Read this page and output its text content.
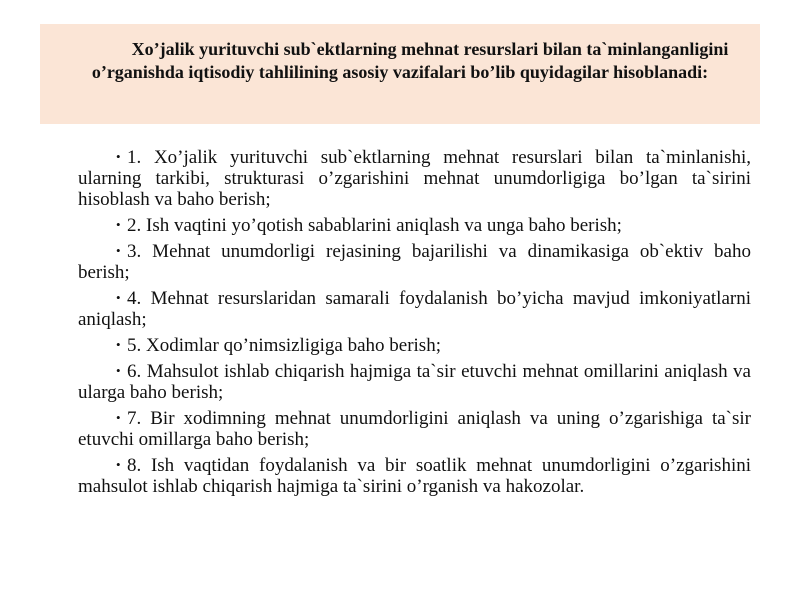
Xo’jalik yurituvchi sub`ektlarning mehnat resurslari bilan ta`minlanganligini o’rganishda iqtisodiy tahlilining asosiy vazifalari bo’lib quyidagilar hisoblanadi:

• 1. Xo’jalik yurituvchi sub`ektlarning mehnat resurslari bilan ta`minlanishi, ularning tarkibi, strukturasi o’zgarishini mehnat unumdorligiga bo’lgan ta`sirini hisoblash va baho berish;
• 2. Ish vaqtini yo’qotish sabablarini aniqlash va unga baho berish;
• 3. Mehnat unumdorligi rejasining bajarilishi va dinamikasiga ob`ektiv baho berish;
• 4. Mehnat resurslaridan samarali foydalanish bo’yicha mavjud imkoniyatlarni aniqlash;
• 5. Xodimlar qo’nimsizligiga baho berish;
• 6. Mahsulot ishlab chiqarish hajmiga ta`sir etuvchi mehnat omillarini aniqlash va ularga baho berish;
• 7. Bir xodimning mehnat unumdorligini aniqlash va uning o’zgarishiga ta`sir etuvchi omillarga baho berish;
• 8. Ish vaqtidan foydalanish va bir soatlik mehnat unumdorligini o’zgarishini mahsulot ishlab chiqarish hajmiga ta`sirini o’rganish va hakozolar.
